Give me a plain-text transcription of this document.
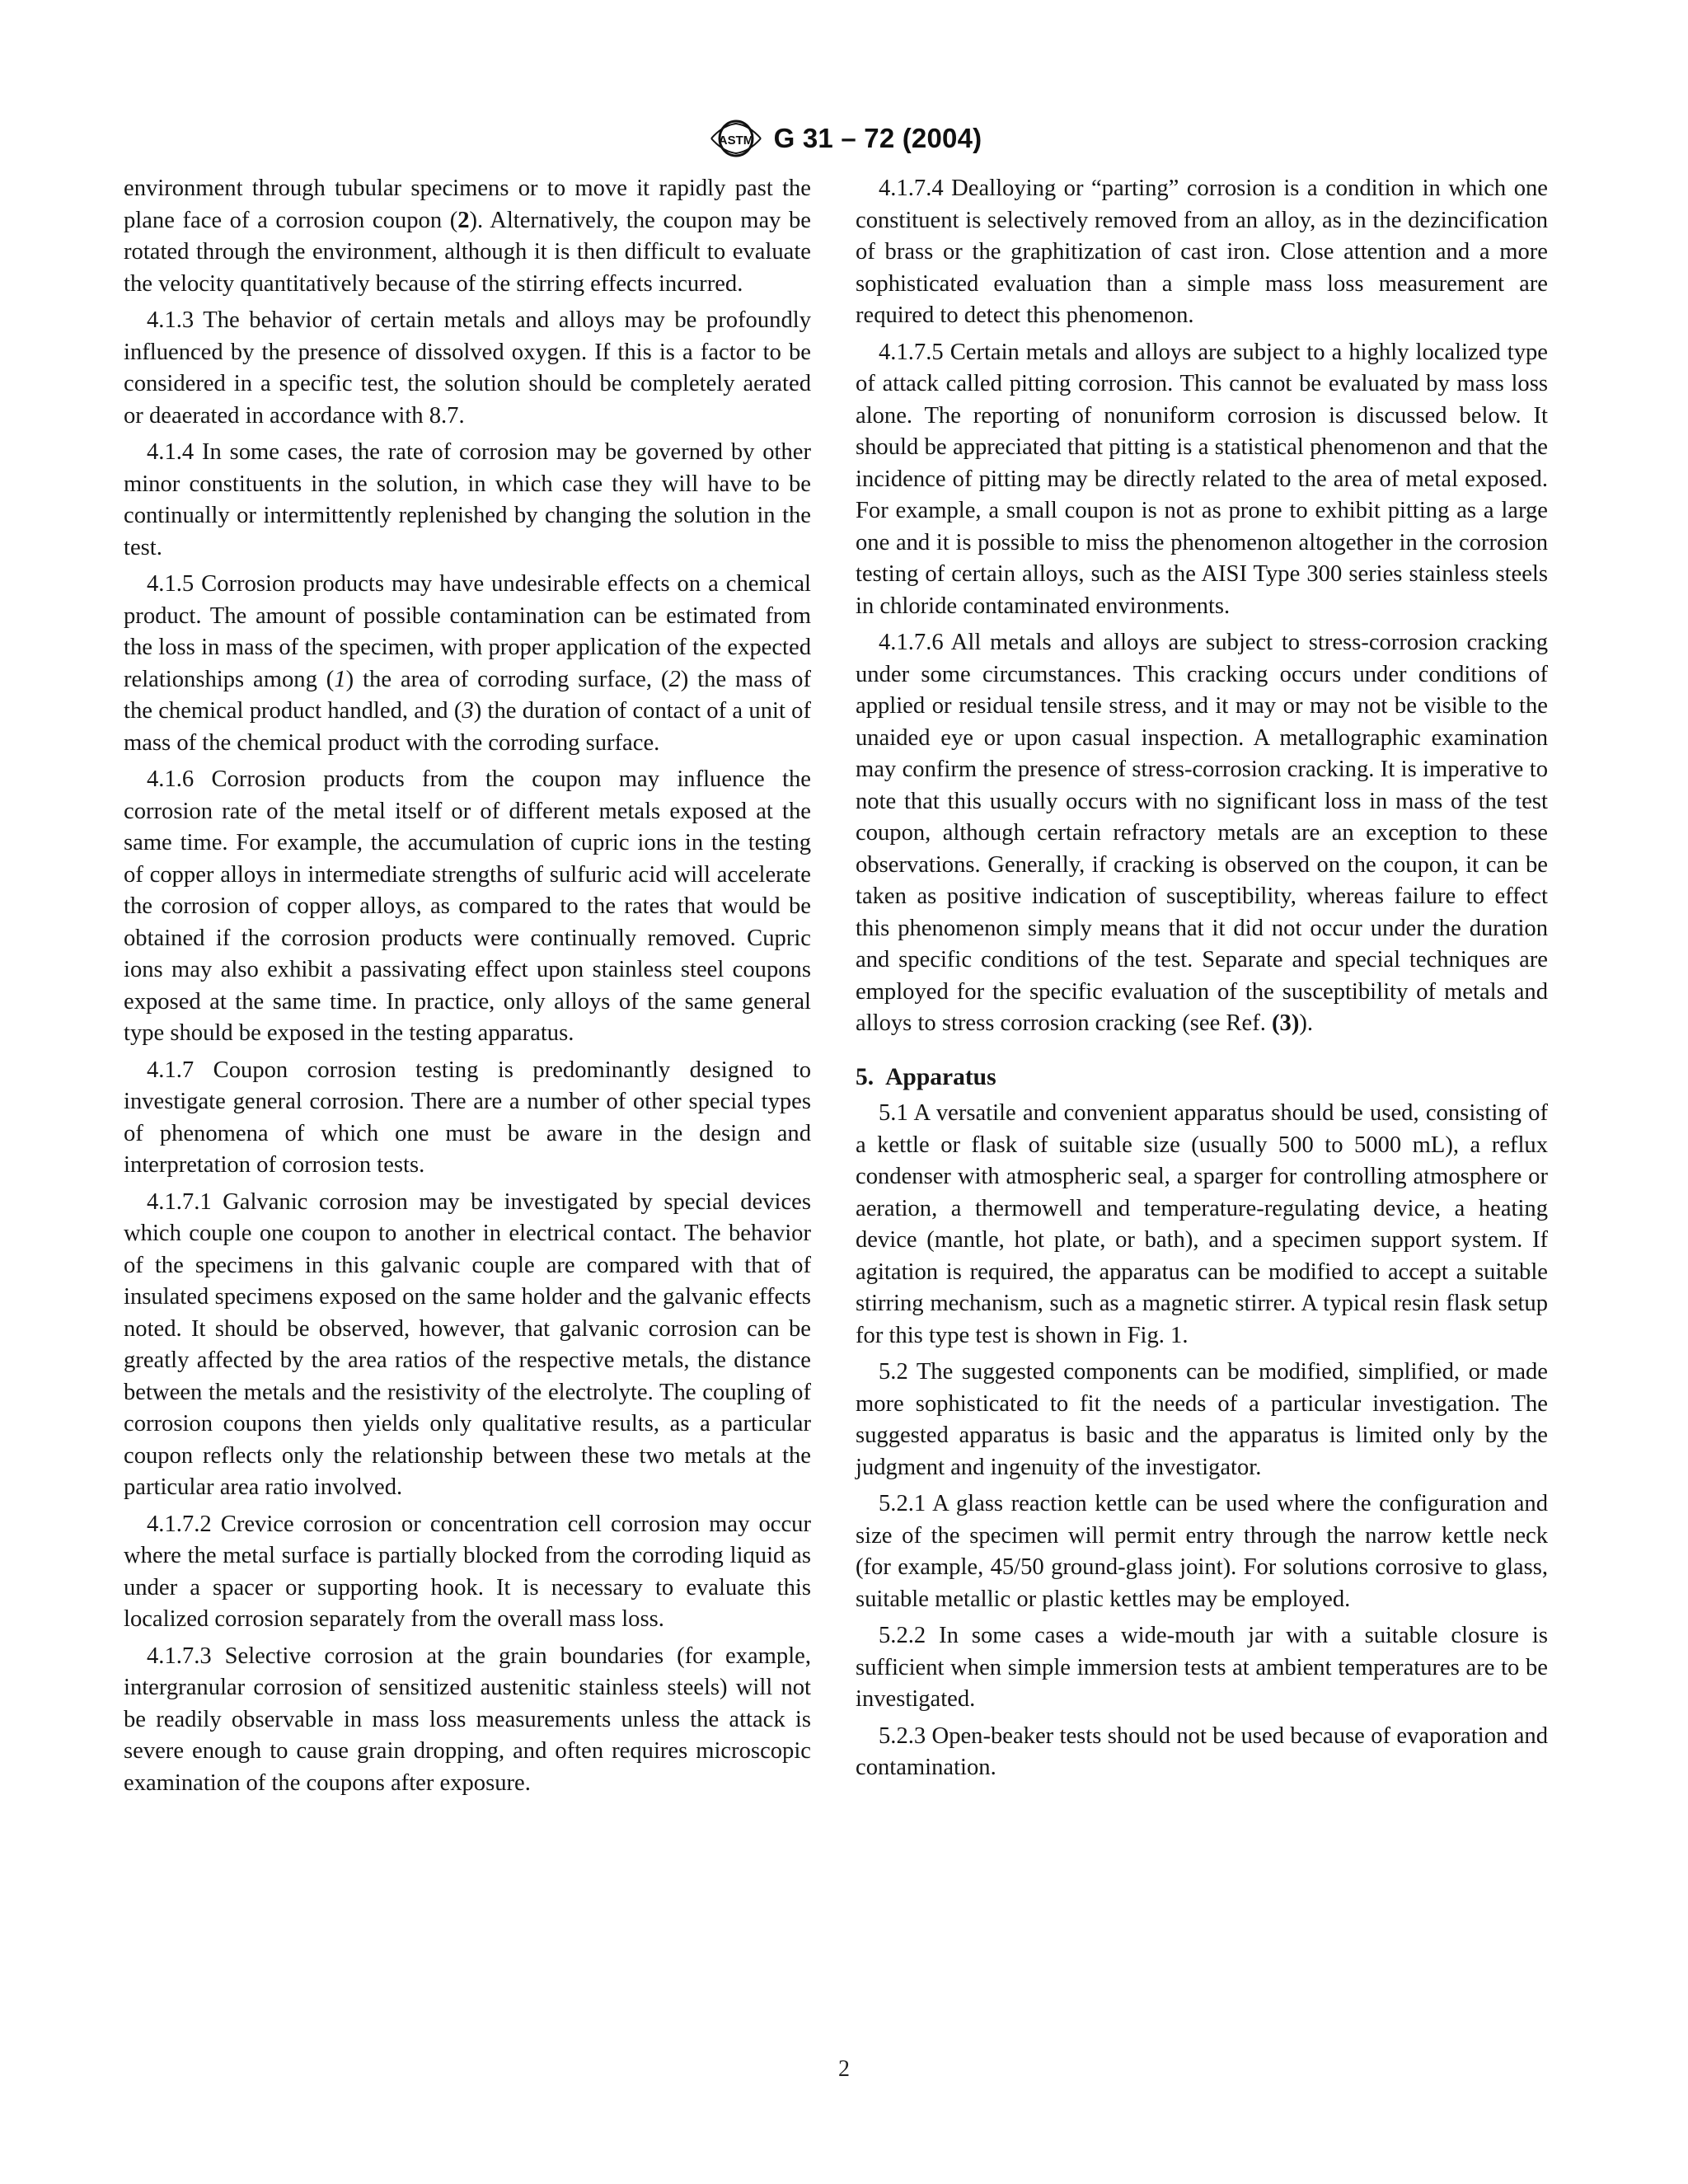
ASTM G 31 – 72 (2004)

environment through tubular specimens or to move it rapidly past the plane face of a corrosion coupon (2). Alternatively, the coupon may be rotated through the environment, although it is then difficult to evaluate the velocity quantitatively because of the stirring effects incurred.

4.1.3 The behavior of certain metals and alloys may be profoundly influenced by the presence of dissolved oxygen. If this is a factor to be considered in a specific test, the solution should be completely aerated or deaerated in accordance with 8.7.

4.1.4 In some cases, the rate of corrosion may be governed by other minor constituents in the solution, in which case they will have to be continually or intermittently replenished by changing the solution in the test.

4.1.5 Corrosion products may have undesirable effects on a chemical product. The amount of possible contamination can be estimated from the loss in mass of the specimen, with proper application of the expected relationships among (1) the area of corroding surface, (2) the mass of the chemical product handled, and (3) the duration of contact of a unit of mass of the chemical product with the corroding surface.

4.1.6 Corrosion products from the coupon may influence the corrosion rate of the metal itself or of different metals exposed at the same time. For example, the accumulation of cupric ions in the testing of copper alloys in intermediate strengths of sulfuric acid will accelerate the corrosion of copper alloys, as compared to the rates that would be obtained if the corrosion products were continually removed. Cupric ions may also exhibit a passivating effect upon stainless steel coupons exposed at the same time. In practice, only alloys of the same general type should be exposed in the testing apparatus.

4.1.7 Coupon corrosion testing is predominantly designed to investigate general corrosion. There are a number of other special types of phenomena of which one must be aware in the design and interpretation of corrosion tests.

4.1.7.1 Galvanic corrosion may be investigated by special devices which couple one coupon to another in electrical contact. The behavior of the specimens in this galvanic couple are compared with that of insulated specimens exposed on the same holder and the galvanic effects noted. It should be observed, however, that galvanic corrosion can be greatly affected by the area ratios of the respective metals, the distance between the metals and the resistivity of the electrolyte. The coupling of corrosion coupons then yields only qualitative results, as a particular coupon reflects only the relationship between these two metals at the particular area ratio involved.

4.1.7.2 Crevice corrosion or concentration cell corrosion may occur where the metal surface is partially blocked from the corroding liquid as under a spacer or supporting hook. It is necessary to evaluate this localized corrosion separately from the overall mass loss.

4.1.7.3 Selective corrosion at the grain boundaries (for example, intergranular corrosion of sensitized austenitic stainless steels) will not be readily observable in mass loss measurements unless the attack is severe enough to cause grain dropping, and often requires microscopic examination of the coupons after exposure.

4.1.7.4 Dealloying or “parting” corrosion is a condition in which one constituent is selectively removed from an alloy, as in the dezincification of brass or the graphitization of cast iron. Close attention and a more sophisticated evaluation than a simple mass loss measurement are required to detect this phenomenon.

4.1.7.5 Certain metals and alloys are subject to a highly localized type of attack called pitting corrosion. This cannot be evaluated by mass loss alone. The reporting of nonuniform corrosion is discussed below. It should be appreciated that pitting is a statistical phenomenon and that the incidence of pitting may be directly related to the area of metal exposed. For example, a small coupon is not as prone to exhibit pitting as a large one and it is possible to miss the phenomenon altogether in the corrosion testing of certain alloys, such as the AISI Type 300 series stainless steels in chloride contaminated environments.

4.1.7.6 All metals and alloys are subject to stress-corrosion cracking under some circumstances. This cracking occurs under conditions of applied or residual tensile stress, and it may or may not be visible to the unaided eye or upon casual inspection. A metallographic examination may confirm the presence of stress-corrosion cracking. It is imperative to note that this usually occurs with no significant loss in mass of the test coupon, although certain refractory metals are an exception to these observations. Generally, if cracking is observed on the coupon, it can be taken as positive indication of susceptibility, whereas failure to effect this phenomenon simply means that it did not occur under the duration and specific conditions of the test. Separate and special techniques are employed for the specific evaluation of the susceptibility of metals and alloys to stress corrosion cracking (see Ref. (3)).

5. Apparatus

5.1 A versatile and convenient apparatus should be used, consisting of a kettle or flask of suitable size (usually 500 to 5000 mL), a reflux condenser with atmospheric seal, a sparger for controlling atmosphere or aeration, a thermowell and temperature-regulating device, a heating device (mantle, hot plate, or bath), and a specimen support system. If agitation is required, the apparatus can be modified to accept a suitable stirring mechanism, such as a magnetic stirrer. A typical resin flask setup for this type test is shown in Fig. 1.

5.2 The suggested components can be modified, simplified, or made more sophisticated to fit the needs of a particular investigation. The suggested apparatus is basic and the apparatus is limited only by the judgment and ingenuity of the investigator.

5.2.1 A glass reaction kettle can be used where the configuration and size of the specimen will permit entry through the narrow kettle neck (for example, 45/50 ground-glass joint). For solutions corrosive to glass, suitable metallic or plastic kettles may be employed.

5.2.2 In some cases a wide-mouth jar with a suitable closure is sufficient when simple immersion tests at ambient temperatures are to be investigated.

5.2.3 Open-beaker tests should not be used because of evaporation and contamination.

2
